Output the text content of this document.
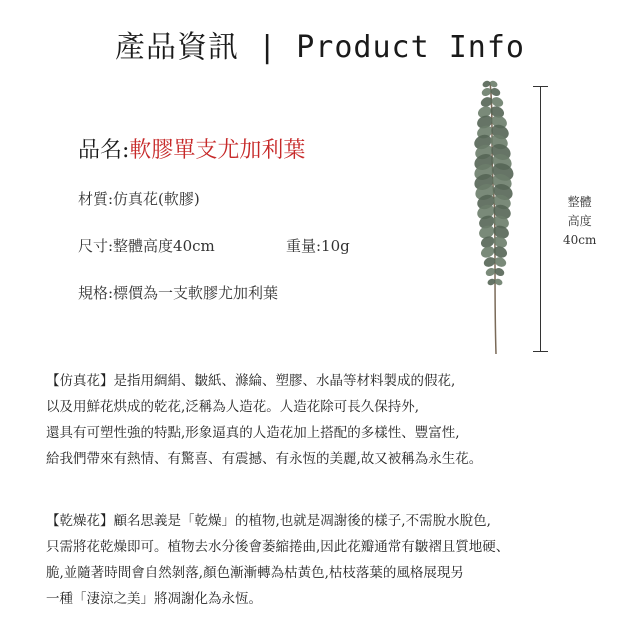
產品資訊 | Product Info
品名:軟膠單支尤加利葉
材質:仿真花(軟膠)
尺寸:整體高度40cm	重量:10g
規格:標價為一支軟膠尤加利葉
整體
高度
40cm
【仿真花】是指用綢絹、皺紙、滌綸、塑膠、水晶等材料製成的假花,
以及用鮮花烘成的乾花,泛稱為人造花。人造花除可長久保持外,
還具有可塑性強的特點,形象逼真的人造花加上搭配的多樣性、豐富性,
給我們帶來有熱情、有驚喜、有震撼、有永恆的美麗,故又被稱為永生花。
【乾燥花】顧名思義是「乾燥」的植物,也就是凋謝後的樣子,不需脫水脫色,
只需將花乾燥即可。植物去水分後會萎縮捲曲,因此花瓣通常有皺褶且質地硬、
脆,並隨著時間會自然剝落,顏色漸漸轉為枯黃色,枯枝落葉的風格展現另
一種「淒涼之美」將凋謝化為永恆。
